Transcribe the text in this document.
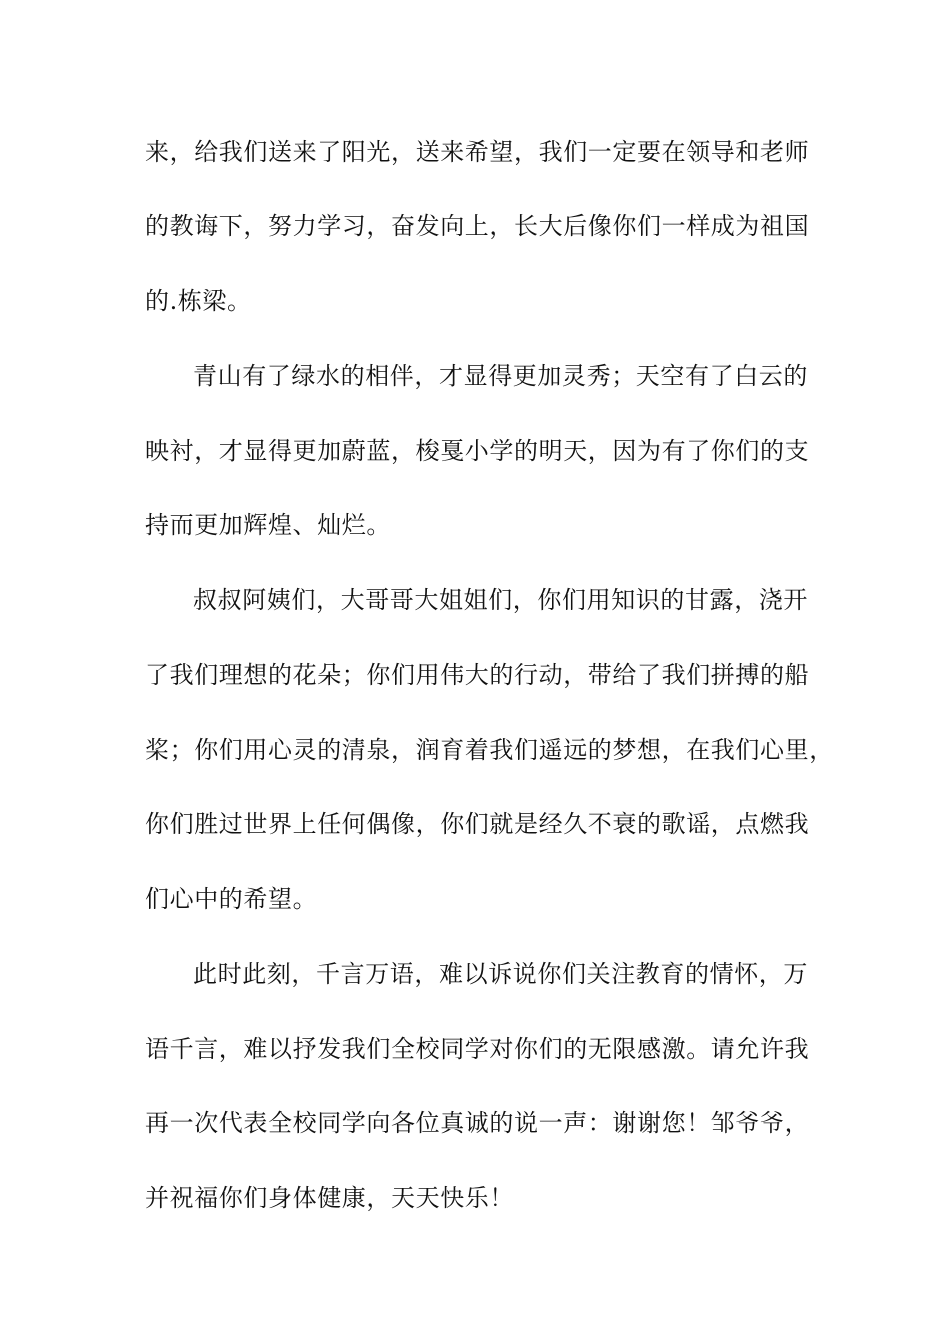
来，给我们送来了阳光，送来希望，我们一定要在领导和老师
的教诲下，努力学习，奋发向上，长大后像你们一样成为祖国
的.栋梁。
青山有了绿水的相伴，才显得更加灵秀；天空有了白云的
映衬，才显得更加蔚蓝，梭戛小学的明天，因为有了你们的支
持而更加辉煌、灿烂。
叔叔阿姨们，大哥哥大姐姐们，你们用知识的甘露，浇开
了我们理想的花朵；你们用伟大的行动，带给了我们拼搏的船
桨；你们用心灵的清泉，润育着我们遥远的梦想，在我们心里，
你们胜过世界上任何偶像，你们就是经久不衰的歌谣，点燃我
们心中的希望。
此时此刻，千言万语，难以诉说你们关注教育的情怀，万
语千言，难以抒发我们全校同学对你们的无限感激。请允许我
再一次代表全校同学向各位真诚的说一声：谢谢您！邹爷爷，
并祝福你们身体健康，天天快乐！
